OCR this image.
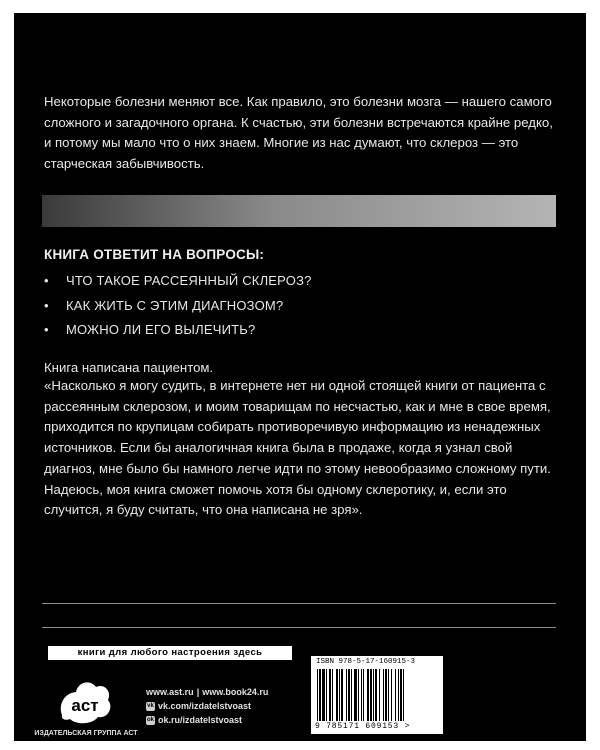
Некоторые болезни меняют все. Как правило, это болезни мозга — нашего самого сложного и загадочного органа. К счастью, эти болезни встречаются крайне редко, и потому мы мало что о них знаем. Многие из нас думают, что склероз — это старческая забывчивость.

КНИГА ОТВЕТИТ НА ВОПРОСЫ:

• ЧТО ТАКОЕ РАССЕЯННЫЙ СКЛЕРОЗ?
• КАК ЖИТЬ С ЭТИМ ДИАГНОЗОМ?
• МОЖНО ЛИ ЕГО ВЫЛЕЧИТЬ?

Книга написана пациентом.

«Насколько я могу судить, в интернете нет ни одной стоящей книги от пациента с рассеянным склерозом, и моим товарищам по несчастью, как и мне в свое время, приходится по крупицам собирать противоречивую информацию из ненадежных источников. Если бы аналогичная книга была в продаже, когда я узнал свой диагноз, мне было бы намного легче идти по этому невообразимо сложному пути. Надеюсь, моя книга сможет помочь хотя бы одному склеротику, и, если это случится, я буду считать, что она написана не зря».

книги для любого настроения здесь
аст
ИЗДАТЕЛЬСКАЯ ГРУППА АСТ
www.ast.ru | www.book24.ru
vk vk.com/izdatelstvoast
ok ok.ru/izdatelstvoast
ISBN 978-5-17-160915-3
9 785171 609153 >
